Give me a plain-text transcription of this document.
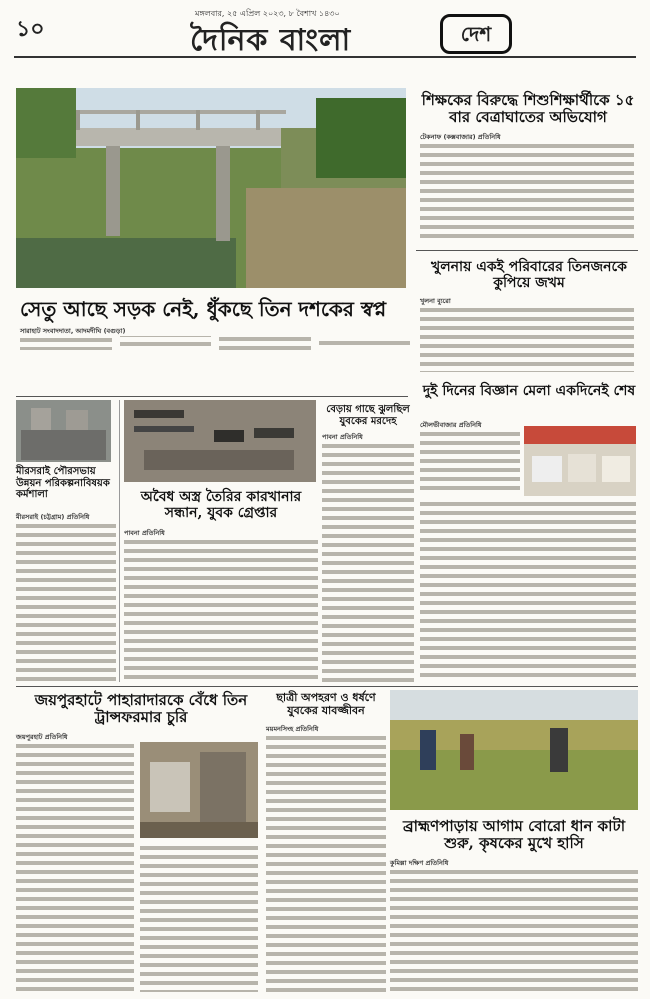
১০
মঙ্গলবার, ২৫ এপ্রিল ২০২৩, ৮ বৈশাখ ১৪৩০
দৈনিক বাংলা	দেশ
সেতু আছে সড়ক নেই, ধুঁকছে তিন দশকের স্বপ্ন
সারাহাট সংবাদদাতা, আদমদীঘি (বগুড়া)
শিক্ষকের বিরুদ্ধে শিশুশিক্ষার্থীকে ১৫ বার বেত্রাঘাতের অভিযোগ
টেকনাফ (কক্সবাজার) প্রতিনিধি
খুলনায় একই পরিবারের তিনজনকে কুপিয়ে জখম
খুলনা ব্যুরো
মীরসরাই পৌরসভায় উন্নয়ন পরিকল্পনাবিষয়ক কর্মশালা
মীরসরাই (চট্টগ্রাম) প্রতিনিধি
অবৈধ অস্ত্র তৈরির কারখানার সন্ধান, যুবক গ্রেপ্তার
পাবনা প্রতিনিধি
বেড়ায় গাছে ঝুলছিল যুবকের মরদেহ
পাবনা প্রতিনিধি
দুই দিনের বিজ্ঞান মেলা একদিনেই শেষ
মৌলভীবাজার প্রতিনিধি
জয়পুরহাটে পাহারাদারকে বেঁধে তিন ট্রান্সফরমার চুরি
জয়পুরহাট প্রতিনিধি
ছাত্রী অপহরণ ও ধর্ষণে যুবকের যাবজ্জীবন
ময়মনসিংহ প্রতিনিধি
ব্রাহ্মণপাড়ায় আগাম বোরো ধান কাটা শুরু, কৃষকের মুখে হাসি
কুমিল্লা দক্ষিণ প্রতিনিধি
